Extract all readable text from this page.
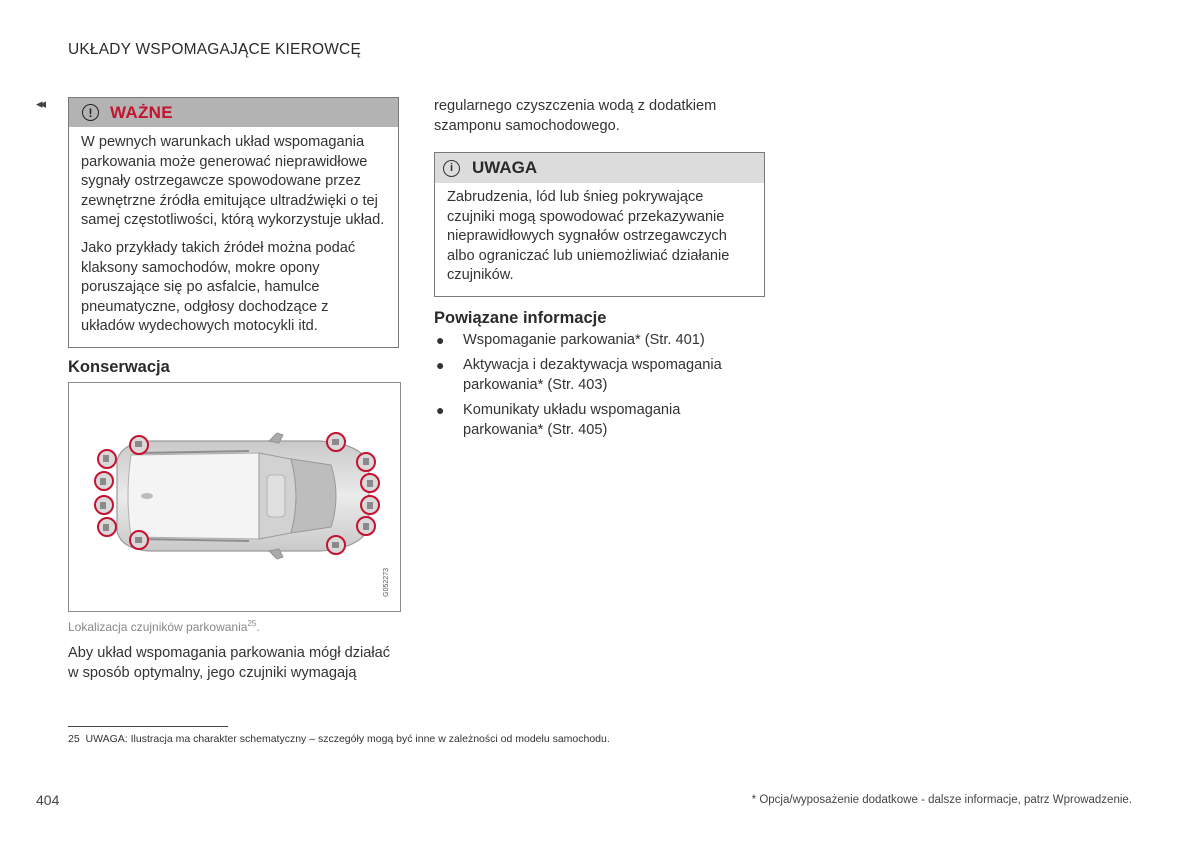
UKŁADY WSPOMAGAJĄCE KIEROWCĘ
◂◂
!	WAŻNE

W pewnych warunkach układ wspomagania parkowania może generować nieprawidłowe sygnały ostrzegawcze spowodowane przez zewnętrzne źródła emitujące ultradźwięki o tej samej częstotliwości, którą wykorzystuje układ.

Jako przykłady takich źródeł można podać klaksony samochodów, mokre opony poruszające się po asfalcie, hamulce pneumatyczne, odgłosy dochodzące z układów wydechowych motocykli itd.

Konserwacja
G052273
Lokalizacja czujników parkowania$^{25}$.
Aby układ wspomagania parkowania mógł działać w sposób optymalny, jego czujniki wymagają
regularnego czyszczenia wodą z dodatkiem szamponu samochodowego.
i	UWAGA
Zabrudzenia, lód lub śnieg pokrywające czujniki mogą spowodować przekazywanie nieprawidłowych sygnałów ostrzegawczych albo ograniczać lub uniemożliwiać działanie czujników.
Powiązane informacje
● Wspomaganie parkowania* (Str. 401)
● Aktywacja i dezaktywacja wspomagania parkowania* (Str. 403)
● Komunikaty układu wspomagania parkowania* (Str. 405)
25 UWAGA: Ilustracja ma charakter schematyczny – szczegóły mogą być inne w zależności od modelu samochodu.
404	* Opcja/wyposażenie dodatkowe - dalsze informacje, patrz Wprowadzenie.
